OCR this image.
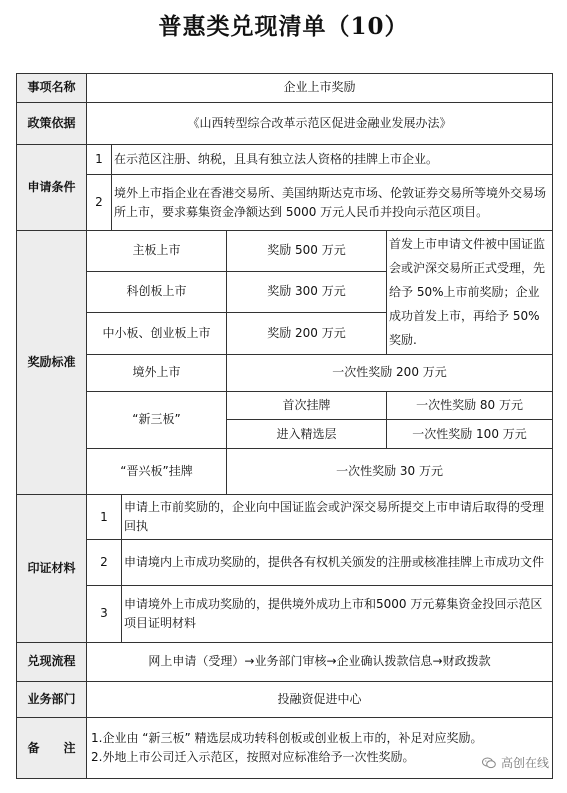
普惠类兑现清单（10）
事项名称	企业上市奖励				
政策依据	《山西转型综合改革示范区促进金融业发展办法》				
申请条件	1	在示范区注册、纳税，且具有独立法人资格的挂牌上市企业。			
	2	境外上市指企业在香港交易所、美国纳斯达克市场、伦敦证券交易所等境外交易场所上市，要求募集资金净额达到 5000 万元人民币并投向示范区项目。			
奖励标准	主板上市			奖励 500 万元	首发上市申请文件被中国证监会或沪深交易所正式受理，先给予 50%上市前奖励；企业成功首发上市，再给予 50%奖励.
	科创板上市			奖励 300 万元	
	中小板、创业板上市			奖励 200 万元	
	境外上市			一次性奖励 200 万元	
	“新三板”			首次挂牌	一次性奖励 80 万元
				进入精选层	一次性奖励 100 万元
	“晋兴板”挂牌			一次性奖励 30 万元	
印证材料	1		申请上市前奖励的，企业向中国证监会或沪深交易所提交上市申请后取得的受理回执		
	2		申请境内上市成功奖励的，提供各有权机关颁发的注册或核准挂牌上市成功文件		
	3		申请境外上市成功奖励的，提供境外成功上市和5000 万元募集资金投回示范区项目证明材料		
兑现流程	网上申请（受理）→业务部门审核→企业确认拨款信息→财政拨款				
业务部门	投融资促进中心				
备　　注	1.企业由 “新三板” 精选层成功转科创板或创业板上市的，补足对应奖励。
2.外地上市公司迁入示范区，按照对应标准给予一次性奖励。					高创在线
